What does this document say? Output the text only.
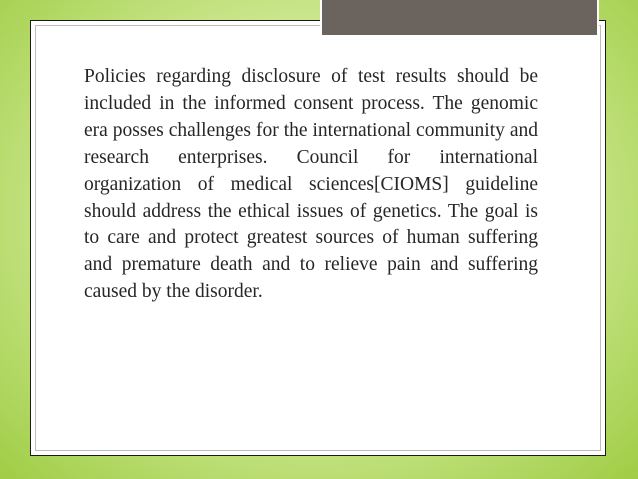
Policies regarding disclosure of test results should be included in the informed consent process. The genomic era posses challenges for the international community and research enterprises. Council for international organization of medical sciences[CIOMS] guideline should address the ethical issues of genetics. The goal is to care and protect greatest sources of human suffering and premature death and to relieve pain and suffering caused by the disorder.
